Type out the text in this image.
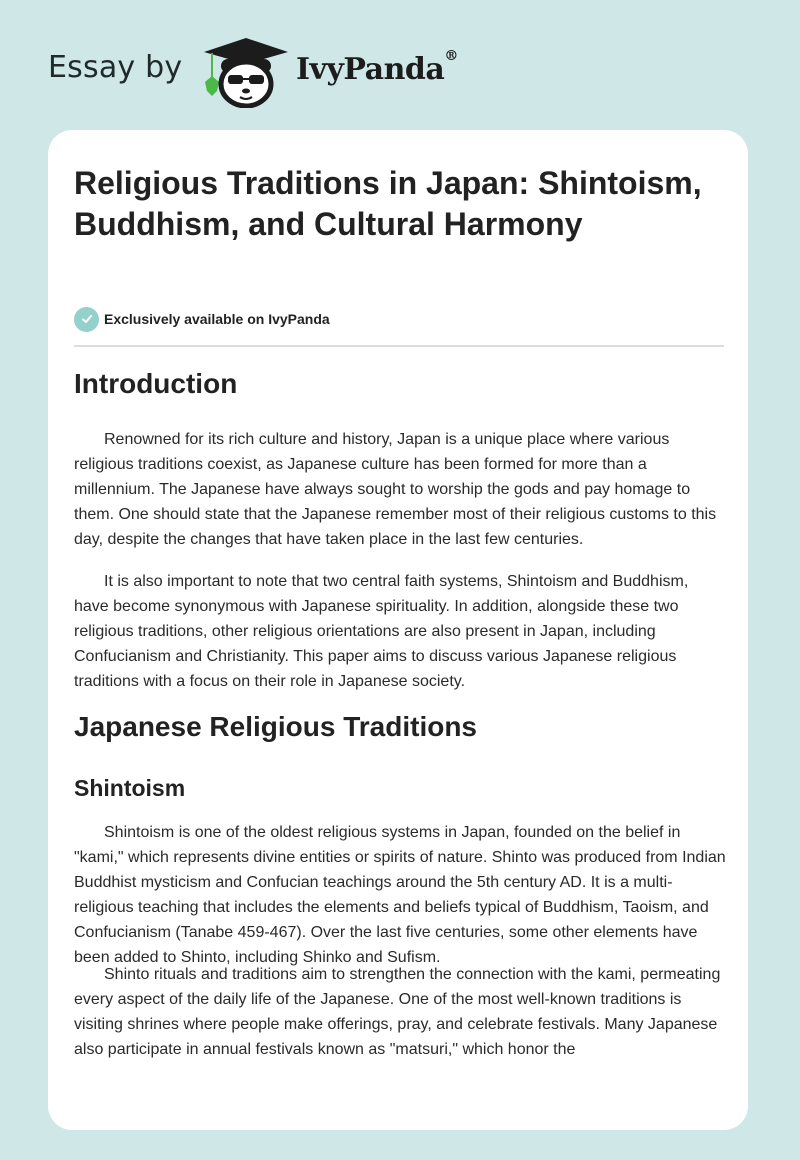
Essay by	IvyPanda®
Religious Traditions in Japan: Shintoism, Buddhism, and Cultural Harmony
Exclusively available on IvyPanda
Introduction

Renowned for its rich culture and history, Japan is a unique place where various religious traditions coexist, as Japanese culture has been formed for more than a millennium. The Japanese have always sought to worship the gods and pay homage to them. One should state that the Japanese remember most of their religious customs to this day, despite the changes that have taken place in the last few centuries.

It is also important to note that two central faith systems, Shintoism and Buddhism, have become synonymous with Japanese spirituality. In addition, alongside these two religious traditions, other religious orientations are also present in Japan, including Confucianism and Christianity. This paper aims to discuss various Japanese religious traditions with a focus on their role in Japanese society.

Japanese Religious Traditions
Shintoism

Shintoism is one of the oldest religious systems in Japan, founded on the belief in "kami," which represents divine entities or spirits of nature. Shinto was produced from Indian Buddhist mysticism and Confucian teachings around the 5th century AD. It is a multi-religious teaching that includes the elements and beliefs typical of Buddhism, Taoism, and Confucianism (Tanabe 459-467). Over the last five centuries, some other elements have been added to Shinto, including Shinko and Sufism.

Shinto rituals and traditions aim to strengthen the connection with the kami, permeating every aspect of the daily life of the Japanese. One of the most well-known traditions is visiting shrines where people make offerings, pray, and celebrate festivals. Many Japanese also participate in annual festivals known as "matsuri," which honor the
